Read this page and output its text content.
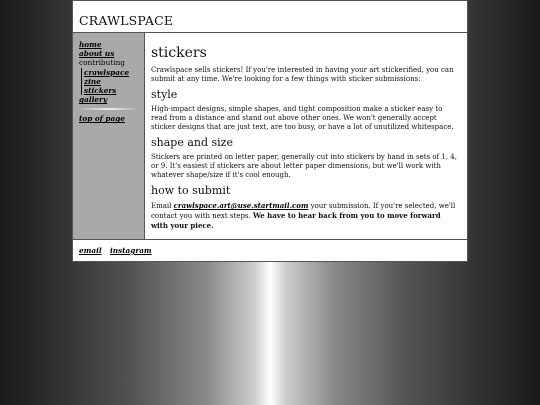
CRAWLSPACE
home
about us
contributing
crawlspace zine
stickers
gallery
top of page
stickers

Crawlspace sells stickers! If you're interested in having your art stickerified, you can submit at any time. We're looking for a few things with sticker submissions:

style

High-impact designs, simple shapes, and tight composition make a sticker easy to read from a distance and stand out above other ones. We won't generally accept sticker designs that are just text, are too busy, or have a lot of unutilized whitespace.

shape and size

Stickers are printed on letter paper, generally cut into stickers by hand in sets of 1, 4, or 9. It's easiest if stickers are about letter paper dimensions, but we'll work with whatever shape/size if it's cool enough.

how to submit

Email crawlspace.art@use.startmail.com your submission. If you're selected, we'll contact you with next steps. We have to hear back from you to move forward with your piece.

email instagram
